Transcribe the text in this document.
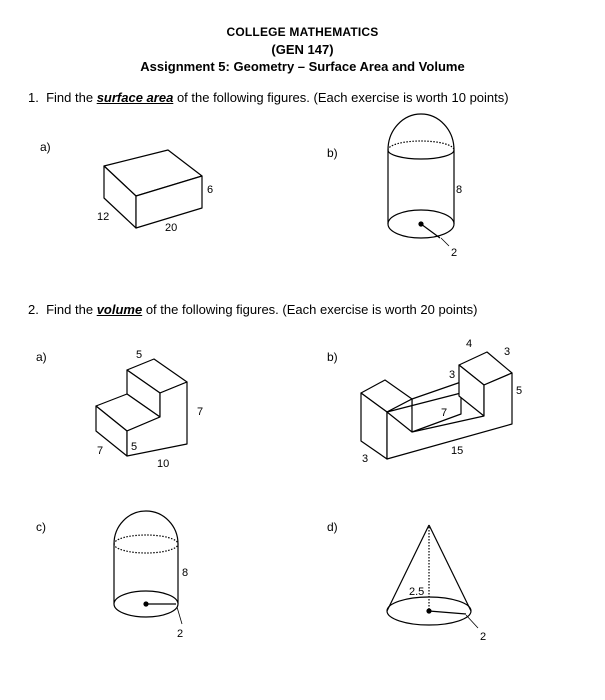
COLLEGE MATHEMATICS
(GEN 147)
Assignment 5: Geometry – Surface Area and Volume
1. Find the surface area of the following figures. (Each exercise is worth 10 points)
2. Find the volume of the following figures. (Each exercise is worth 20 points)
a)	b)
a)	b)
c)	d)
6
12
20
8
2
5
7
7	5
10
4
3
3
5
7
15
3
8
2
2.5
2
